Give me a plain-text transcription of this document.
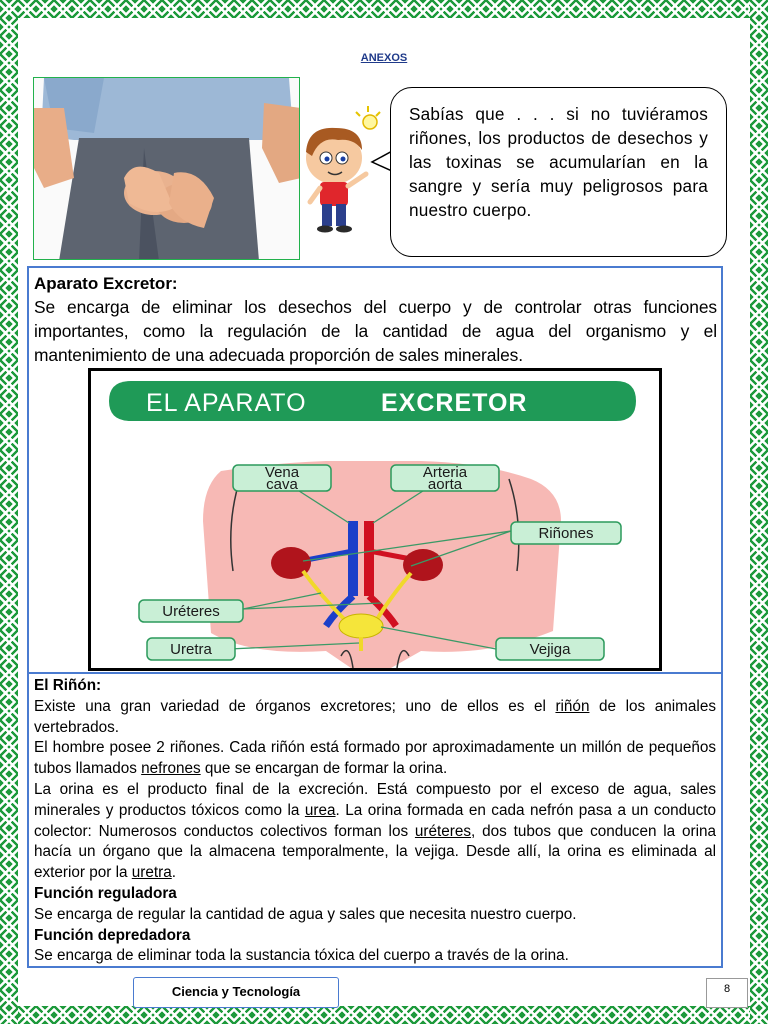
ANEXOS

Sabías que . . . si no tuviéramos riñones, los productos de desechos y las toxinas se acumularían en la sangre y sería muy peligrosos para nuestro cuerpo.

Aparato Excretor:

Se encarga de eliminar los desechos del cuerpo y de controlar otras funciones importantes, como la regulación de la cantidad de agua del organismo y el mantenimiento de una adecuada proporción de sales minerales.

EL APARATO	EXCRETOR
Vena
cava
Arteria
aorta
Riñones
Uréteres
Uretra	Vejiga

El Riñón:

Existe una gran variedad de órganos excretores; uno de ellos es el riñón de los animales vertebrados.

El hombre posee 2 riñones. Cada riñón está formado por aproximadamente un millón de pequeños tubos llamados nefrones que se encargan de formar la orina.

La orina es el producto final de la excreción. Está compuesto por el exceso de agua, sales minerales y productos tóxicos como la urea. La orina formada en cada nefrón pasa a un conducto colector: Numerosos conductos colectivos forman los uréteres, dos tubos que conducen la orina hacía un órgano que la almacena temporalmente, la vejiga. Desde allí, la orina es eliminada al exterior por la uretra.

Función reguladora

Se encarga de regular la cantidad de agua y sales que necesita nuestro cuerpo.

Función depredadora

Se encarga de eliminar toda la sustancia tóxica del cuerpo a través de la orina.

Ciencia y Tecnología	8
